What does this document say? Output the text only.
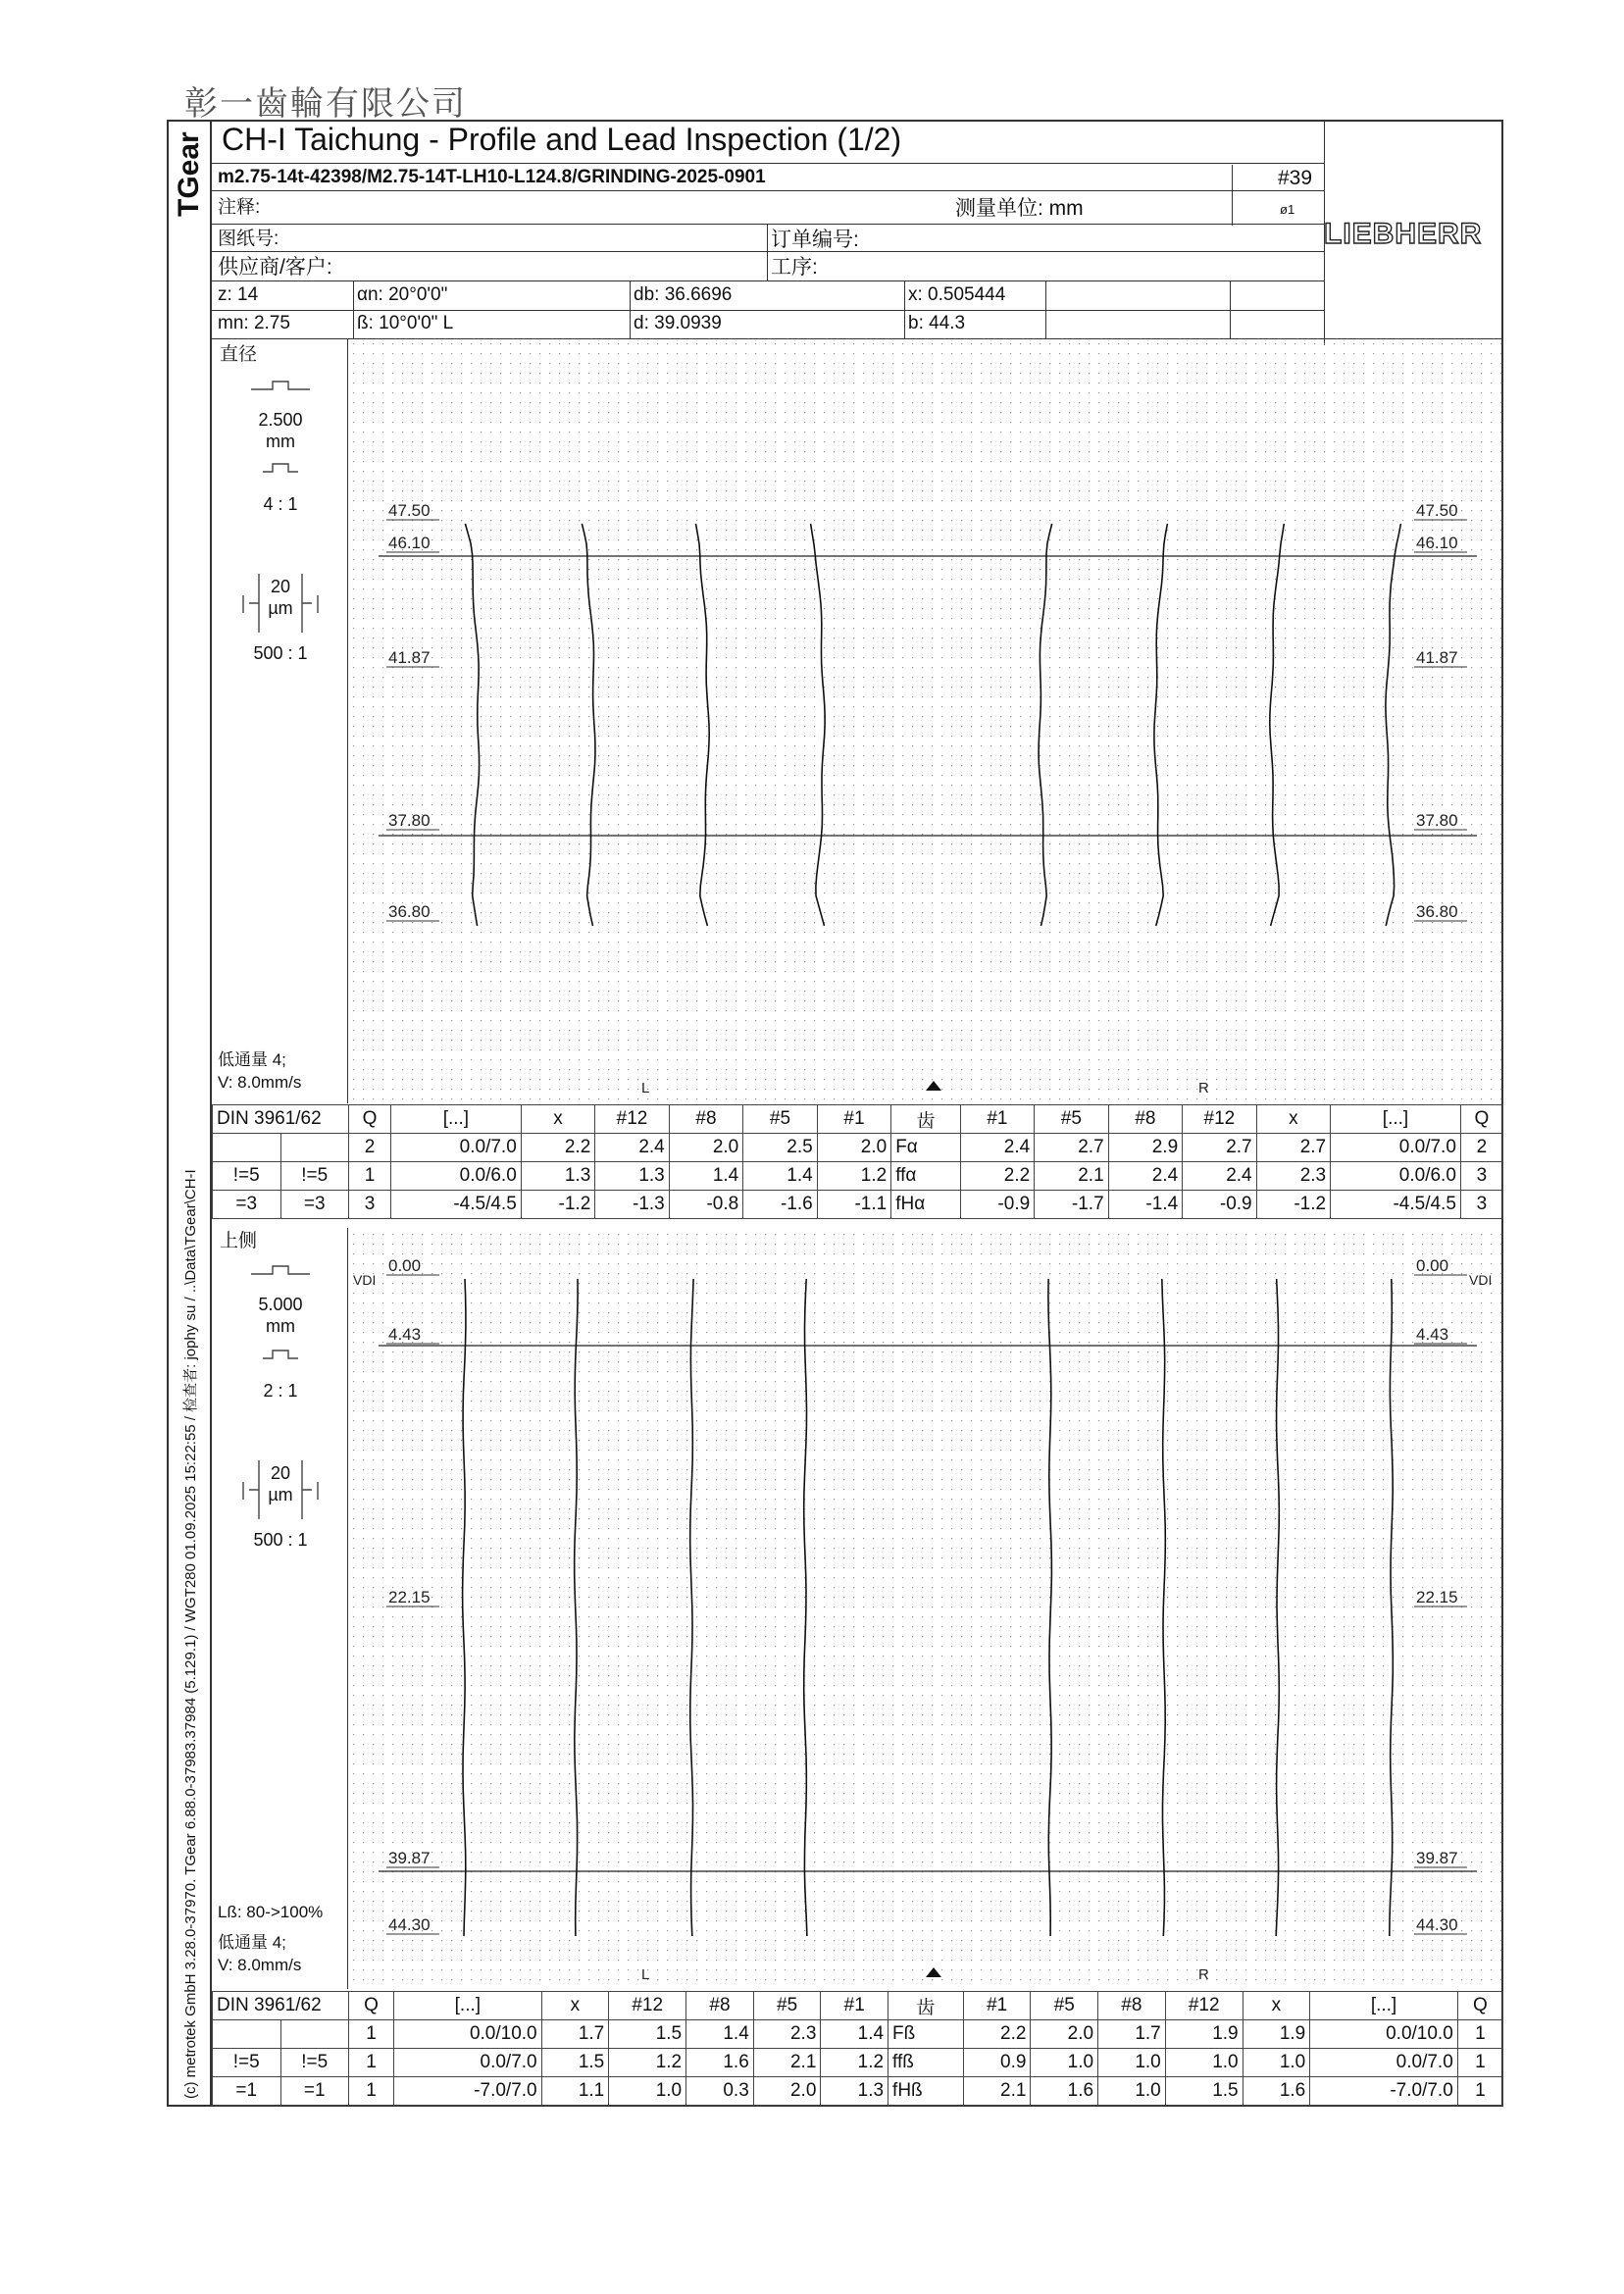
彰一齒輪有限公司
TGear
(c) metrotek GmbH 3.28.0-37970. TGear 6.88.0-37983.37984 (5.129.1) / WGT280 01.09.2025 15:22:55 / 检查者: jophy su / ..\Data\TGear\CH-I
CH-I Taichung - Profile and Lead Inspection (1/2)
m2.75-14t-42398/M2.75-14T-LH10-L124.8/GRINDING-2025-0901	#39
注释:	测量单位: mm	ø1
图纸号:	订单编号:
供应商/客户:	工序:
LIEBHERR
z: 14	αn: 20°0'0"	db: 36.6696	x: 0.505444
mn: 2.75	ß: 10°0'0" L	d: 39.0939	b: 44.3
直径
2.500
mm
4 : 1
20
µm
500 : 1
低通量 4;
V: 8.0mm/s
上侧
5.000
mm
2 : 1
20
µm
500 : 1
Lß: 80->100%
低通量 4;
V: 8.0mm/s
47.50	47.50
46.10	46.10
41.87	41.87
37.80	37.80
36.80	36.80
L	R
0.00	0.00
4.43	4.43
22.15	22.15
39.87	39.87
44.30	44.30
L	R
VDI	VDI
DIN 3961/62		Q	[...]	x	#12	#8	#5	#1	齿	#1	#5	#8	#12	x	[...]	Q
		2	0.0/7.0	2.2	2.4	2.0	2.5	2.0	Fα	2.4	2.7	2.9	2.7	2.7	0.0/7.0	2
!=5	!=5	1	0.0/6.0	1.3	1.3	1.4	1.4	1.2	ffα	2.2	2.1	2.4	2.4	2.3	0.0/6.0	3
=3	=3	3	-4.5/4.5	-1.2	-1.3	-0.8	-1.6	-1.1	fHα	-0.9	-1.7	-1.4	-0.9	-1.2	-4.5/4.5	3
DIN 3961/62		Q	[...]	x	#12	#8	#5	#1	齿	#1	#5	#8	#12	x	[...]	Q
		1	0.0/10.0	1.7	1.5	1.4	2.3	1.4	Fß	2.2	2.0	1.7	1.9	1.9	0.0/10.0	1
!=5	!=5	1	0.0/7.0	1.5	1.2	1.6	2.1	1.2	ffß	0.9	1.0	1.0	1.0	1.0	0.0/7.0	1
=1	=1	1	-7.0/7.0	1.1	1.0	0.3	2.0	1.3	fHß	2.1	1.6	1.0	1.5	1.6	-7.0/7.0	1
